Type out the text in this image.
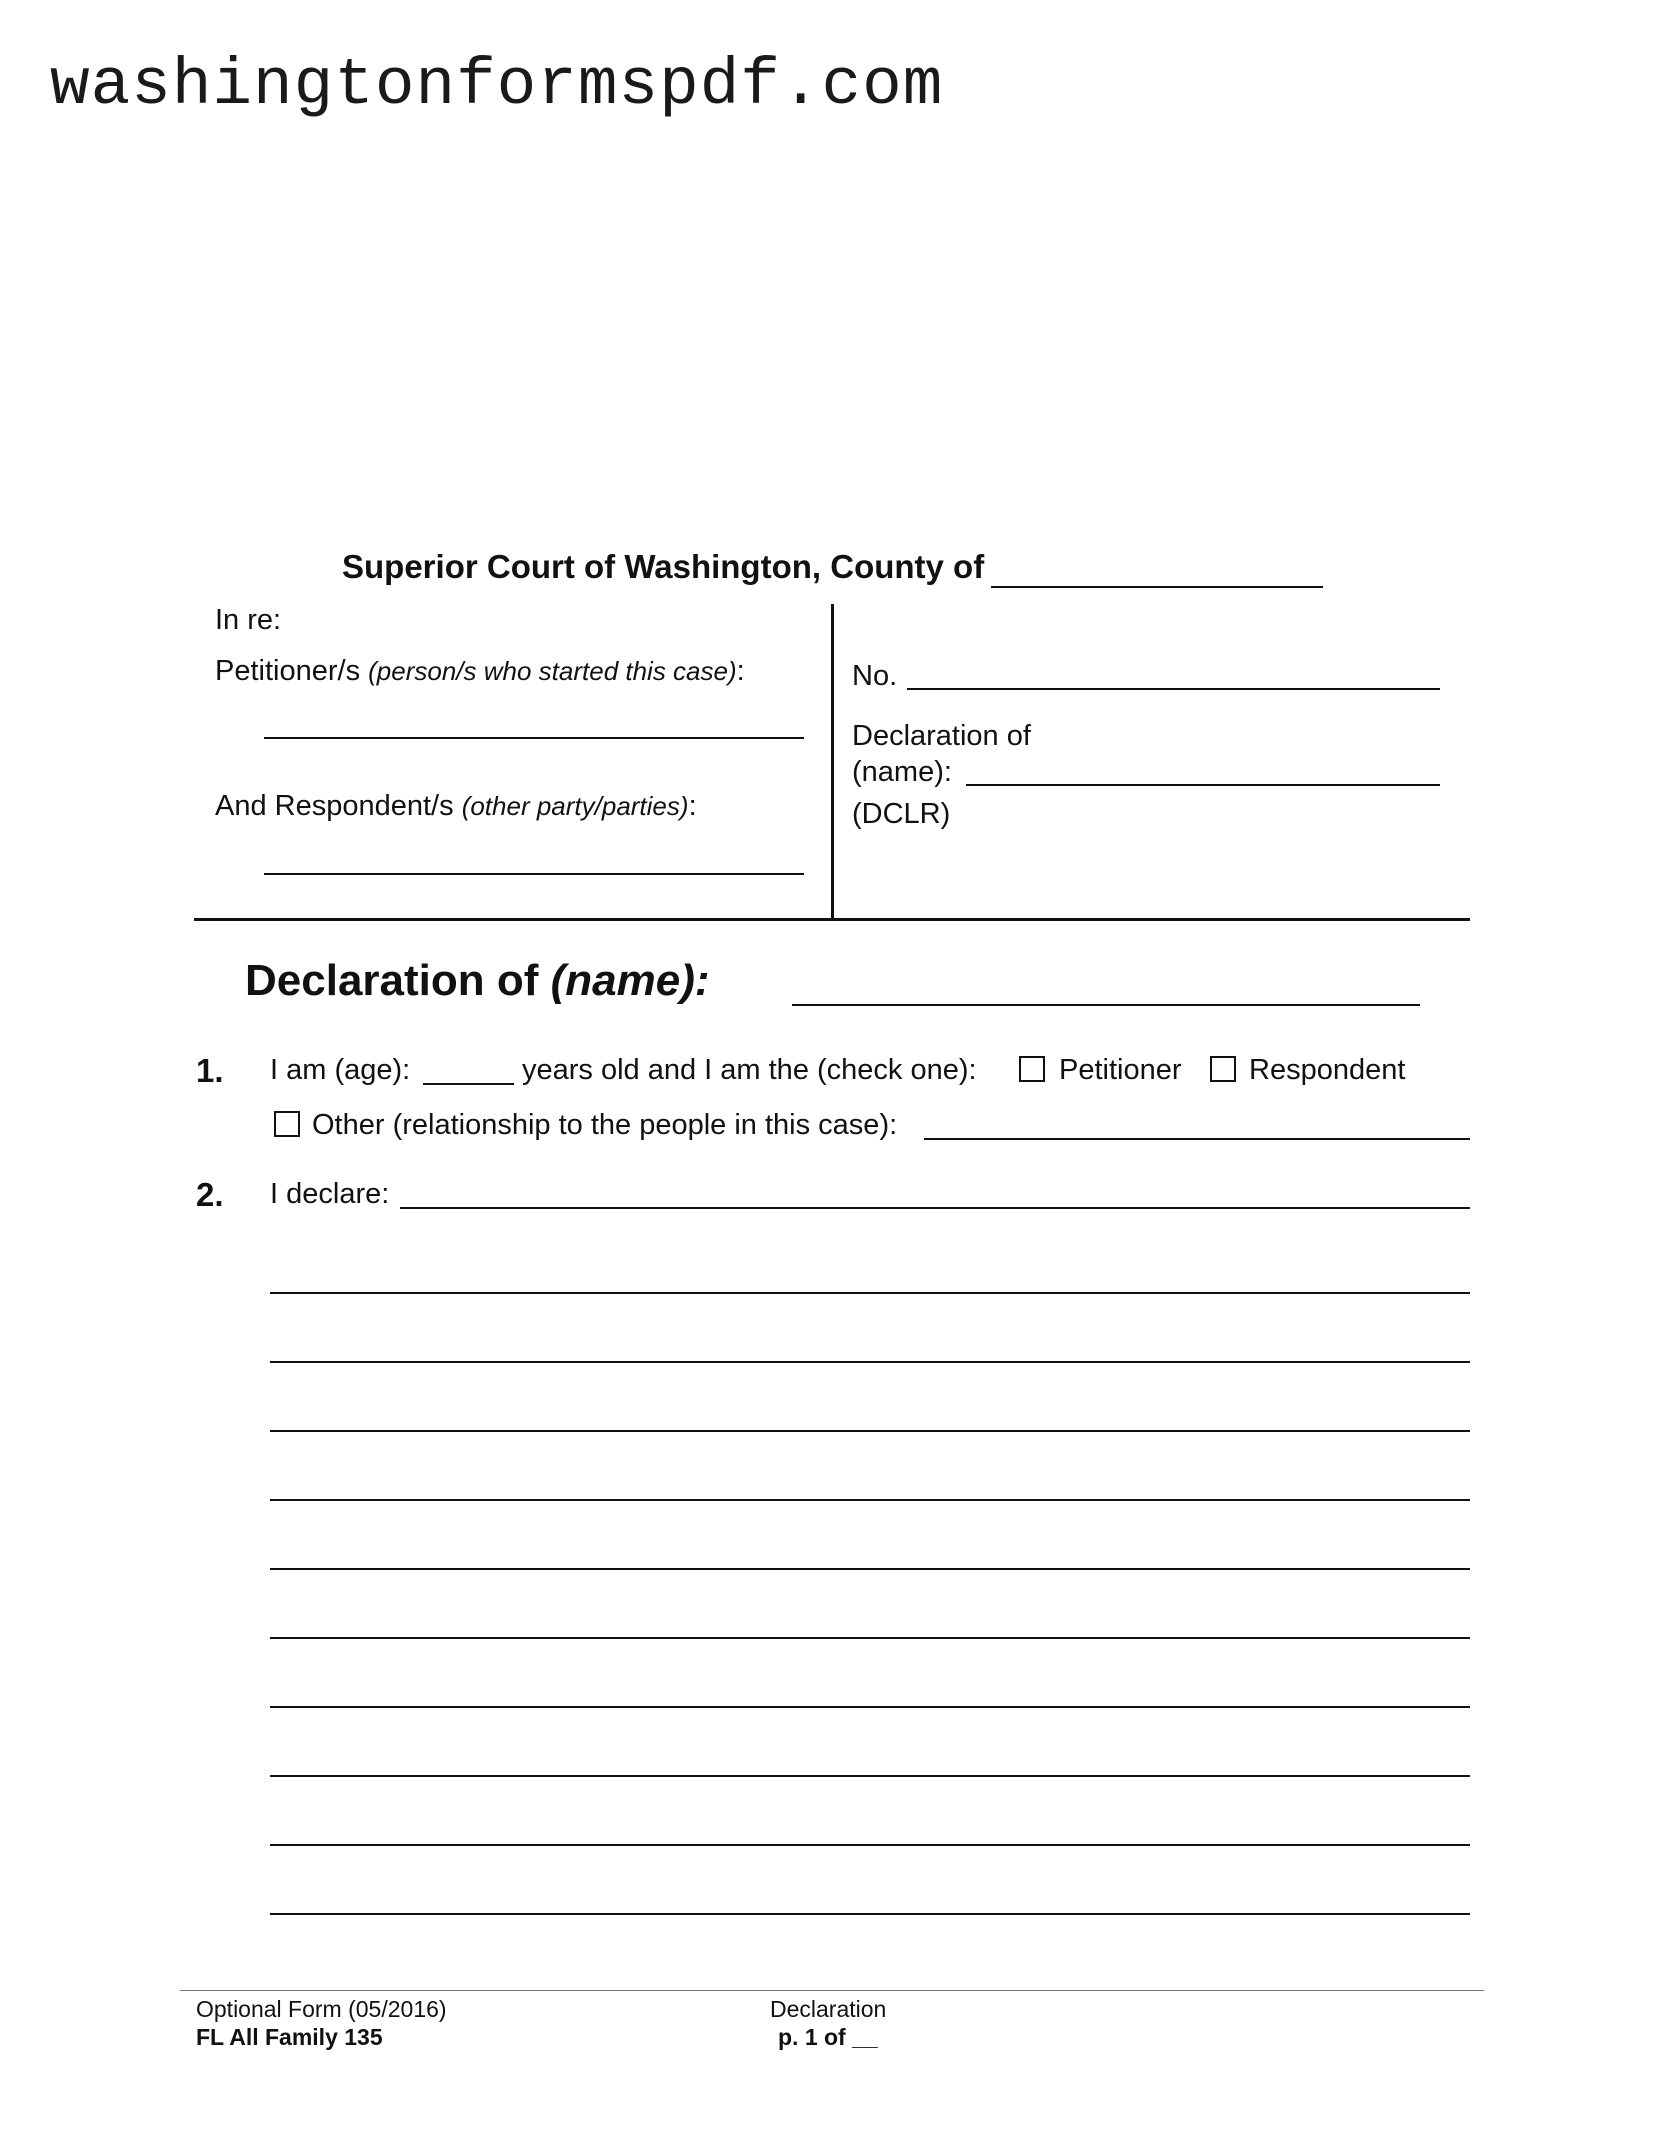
washingtonformspdf.com
Superior Court of Washington, County of
In re:
Petitioner/s (person/s who started this case):
And Respondent/s (other party/parties):
No.
Declaration of
(name):
(DCLR)
Declaration of (name):
1. I am (age):	years old and I am the (check one):	Petitioner Respondent
Other (relationship to the people in this case):
2. I declare:
Optional Form (05/2016)
FL All Family 135
Declaration
p. 1 of __
